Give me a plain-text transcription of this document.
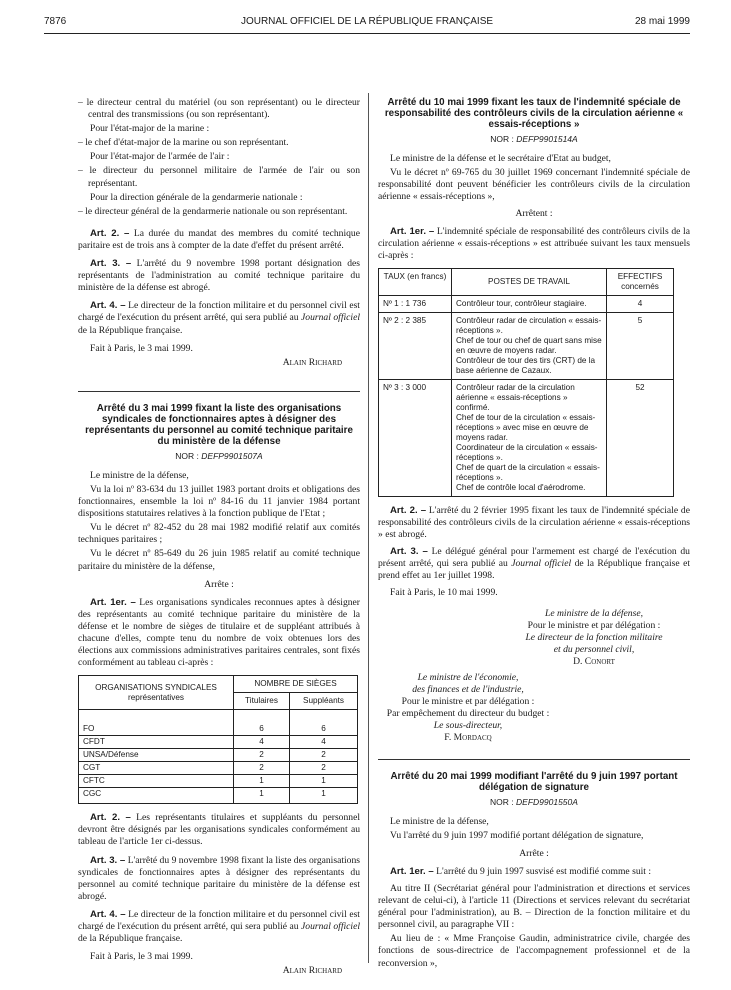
7876	JOURNAL OFFICIEL DE LA RÉPUBLIQUE FRANÇAISE	28 mai 1999

– le directeur central du matériel (ou son représentant) ou le directeur central des transmissions (ou son représentant).

Pour l'état-major de la marine :

– le chef d'état-major de la marine ou son représentant.

Pour l'état-major de l'armée de l'air :

– le directeur du personnel militaire de l'armée de l'air ou son représentant.

Pour la direction générale de la gendarmerie nationale :

– le directeur général de la gendarmerie nationale ou son représentant.

Art. 2. – La durée du mandat des membres du comité technique paritaire est de trois ans à compter de la date d'effet du présent arrêté.

Art. 3. – L'arrêté du 9 novembre 1998 portant désignation des représentants de l'administration au comité technique paritaire du ministère de la défense est abrogé.

Art. 4. – Le directeur de la fonction militaire et du personnel civil est chargé de l'exécution du présent arrêté, qui sera publié au Journal officiel de la République française.

Fait à Paris, le 3 mai 1999.

Alain Richard

Arrêté du 3 mai 1999 fixant la liste des organisations syndicales de fonctionnaires aptes à désigner des représentants du personnel au comité technique paritaire du ministère de la défense

NOR : DEFP9901507A

Le ministre de la défense,

Vu la loi nº 83-634 du 13 juillet 1983 portant droits et obligations des fonctionnaires, ensemble la loi nº 84-16 du 11 janvier 1984 portant dispositions statutaires relatives à la fonction publique de l'Etat ;

Vu le décret nº 82-452 du 28 mai 1982 modifié relatif aux comités techniques paritaires ;

Vu le décret nº 85-649 du 26 juin 1985 relatif au comité technique paritaire du ministère de la défense,

Arrête :

Art. 1er. – Les organisations syndicales reconnues aptes à désigner des représentants au comité technique paritaire du ministère de la défense et le nombre de sièges de titulaire et de suppléant attribués à chacune d'elles, compte tenu du nombre de voix obtenues lors des élections aux commissions administratives paritaires centrales, sont fixés conformément au tableau ci-après :

ORGANISATIONS SYNDICALES représentatives	NOMBRE DE SIÈGES	
	Titulaires	Suppléants
FO	6	6
CFDT	4	4
UNSA/Défense	2	2
CGT	2	2
CFTC	1	1
CGC	1	1

Art. 2. – Les représentants titulaires et suppléants du personnel devront être désignés par les organisations syndicales conformément au tableau de l'article 1er ci-dessus.

Art. 3. – L'arrêté du 9 novembre 1998 fixant la liste des organisations syndicales de fonctionnaires aptes à désigner des représentants du personnel au comité technique paritaire du ministère de la défense est abrogé.

Art. 4. – Le directeur de la fonction militaire et du personnel civil est chargé de l'exécution du présent arrêté, qui sera publié au Journal officiel de la République française.

Fait à Paris, le 3 mai 1999.

Alain Richard

Arrêté du 10 mai 1999 fixant les taux de l'indemnité spéciale de responsabilité des contrôleurs civils de la circulation aérienne « essais-réceptions »

NOR : DEFP9901514A

Le ministre de la défense et le secrétaire d'Etat au budget,

Vu le décret nº 69-765 du 30 juillet 1969 concernant l'indemnité spéciale de responsabilité dont peuvent bénéficier les contrôleurs civils de la circulation aérienne « essais-réceptions »,

Arrêtent :

Art. 1er. – L'indemnité spéciale de responsabilité des contrôleurs civils de la circulation aérienne « essais-réceptions » est attribuée suivant les taux mensuels ci-après :

TAUX (en francs)	POSTES DE TRAVAIL	EFFECTIFS concernés
Nº 1 : 1 736	Contrôleur tour, contrôleur stagiaire.	4
Nº 2 : 2 385	Contrôleur radar de circulation « essais-réceptions ».
Chef de tour ou chef de quart sans mise en œuvre de moyens radar.
Contrôleur de tour des tirs (CRT) de la base aérienne de Cazaux.	5
Nº 3 : 3 000	Contrôleur radar de la circulation aérienne « essais-réceptions » confirmé.
Chef de tour de la circulation « essais-réceptions » avec mise en œuvre de moyens radar.
Coordinateur de la circulation « essais-réceptions ».
Chef de quart de la circulation « essais-réceptions ».
Chef de contrôle local d'aérodrome.	52

Art. 2. – L'arrêté du 2 février 1995 fixant les taux de l'indemnité spéciale de responsabilité des contrôleurs civils de la circulation aérienne « essais-réceptions » est abrogé.

Art. 3. – Le délégué général pour l'armement est chargé de l'exécution du présent arrêté, qui sera publié au Journal officiel de la République française et prend effet au 1er juillet 1998.

Fait à Paris, le 10 mai 1999.

Le ministre de la défense,
Pour le ministre et par délégation :
Le directeur de la fonction militaire
et du personnel civil,
D. Conort
Le ministre de l'économie,
des finances et de l'industrie,
Pour le ministre et par délégation :
Par empêchement du directeur du budget :
Le sous-directeur,
F. Mordacq

Arrêté du 20 mai 1999 modifiant l'arrêté du 9 juin 1997 portant délégation de signature

NOR : DEFD9901550A

Le ministre de la défense,

Vu l'arrêté du 9 juin 1997 modifié portant délégation de signature,

Arrête :

Art. 1er. – L'arrêté du 9 juin 1997 susvisé est modifié comme suit :

Au titre II (Secrétariat général pour l'administration et directions et services relevant de celui-ci), à l'article 11 (Directions et services relevant du secrétariat général pour l'administration), au B. – Direction de la fonction militaire et du personnel civil, au paragraphe VII :

Au lieu de : « Mme Françoise Gaudin, administratrice civile, chargée des fonctions de sous-directrice de l'accompagnement professionnel et de la reconversion »,
